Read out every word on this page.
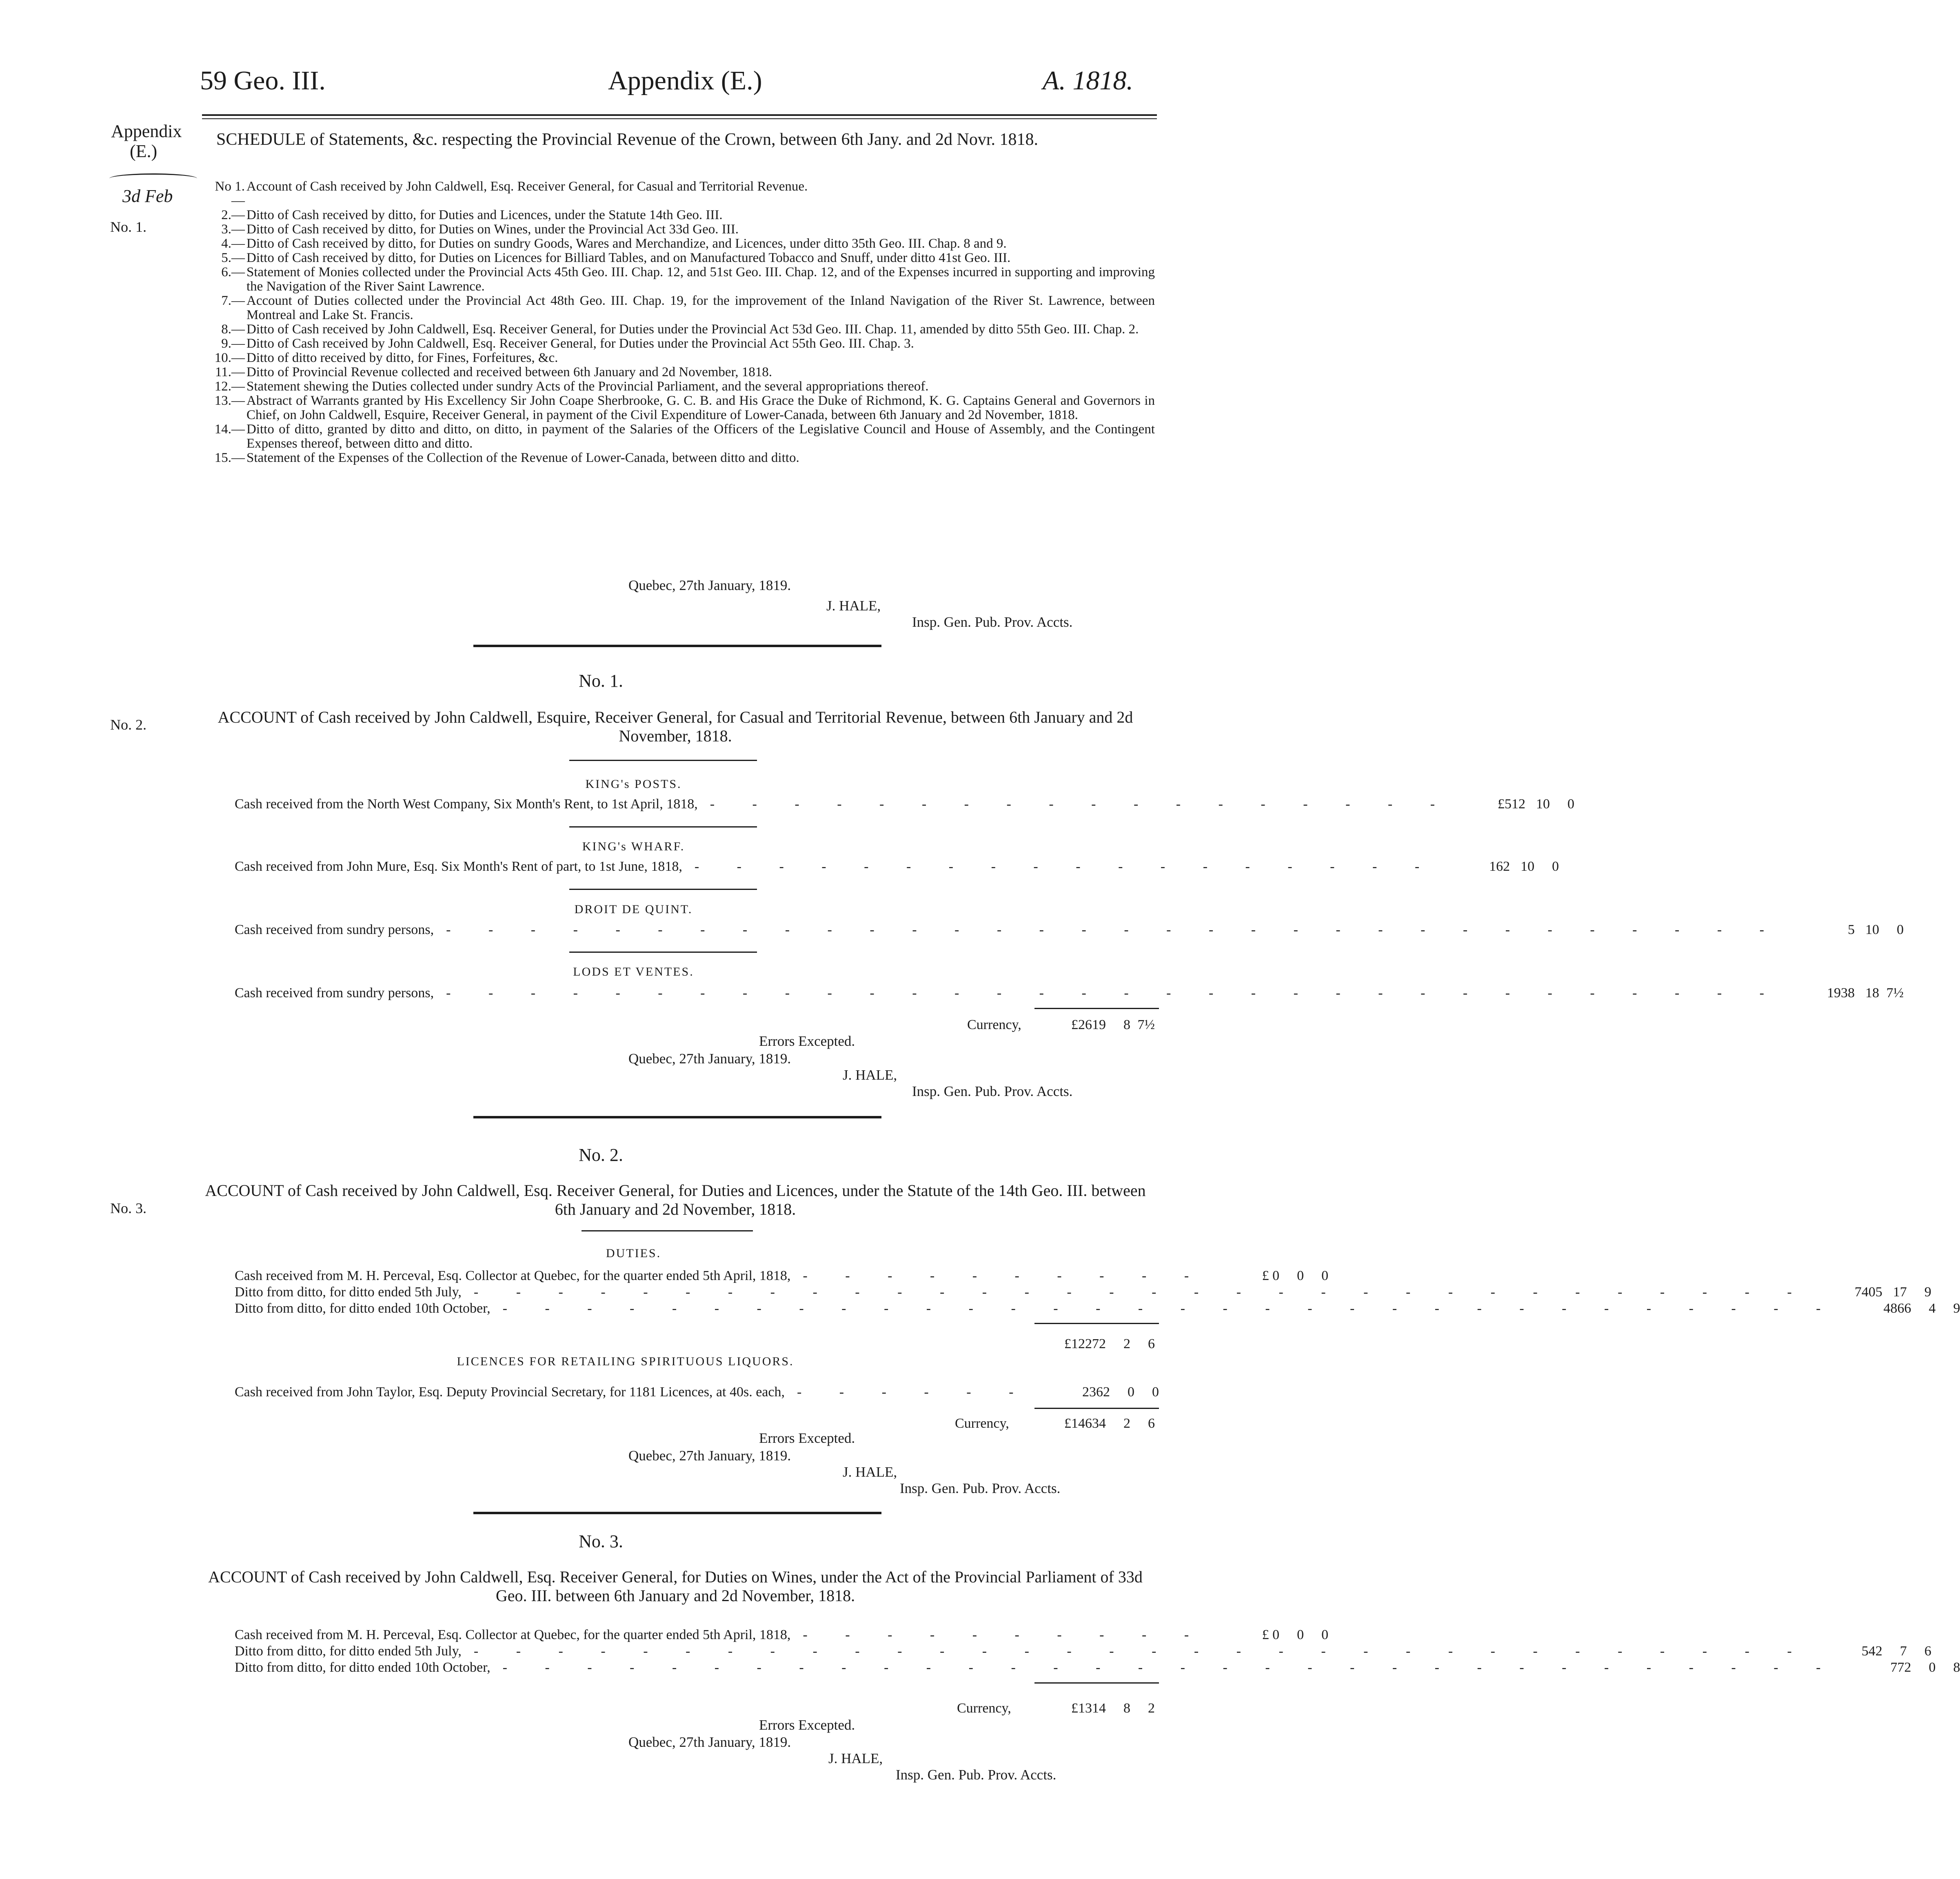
59 Geo. III.	Appendix (E.)	A. 1818.
Appendix
(E.)
3d Feb
No. 1.
No. 2.
No. 3.
SCHEDULE of Statements, &c. respecting the Provincial Revenue of the Crown, between 6th Jany. and 2d Novr. 1818.
No 1.—
Account of Cash received by John Caldwell, Esq. Receiver General, for Casual and Territorial Revenue.
2.— Ditto of Cash received by ditto, for Duties and Licences, under the Statute 14th Geo. III.
3.— Ditto of Cash received by ditto, for Duties on Wines, under the Provincial Act 33d Geo. III.
4.— Ditto of Cash received by ditto, for Duties on sundry Goods, Wares and Merchandize, and Licences, under ditto 35th Geo. III. Chap. 8 and 9.
5.— Ditto of Cash received by ditto, for Duties on Licences for Billiard Tables, and on Manufactured Tobacco and Snuff, under ditto 41st Geo. III.
6.— Statement of Monies collected under the Provincial Acts 45th Geo. III. Chap. 12, and 51st Geo. III. Chap. 12, and of the Expenses incurred in supporting and improving the Navigation of the River Saint Lawrence.
7.— Account of Duties collected under the Provincial Act 48th Geo. III. Chap. 19, for the improvement of the Inland Navigation of the River St. Lawrence, between Montreal and Lake St. Francis.
8.— Ditto of Cash received by John Caldwell, Esq. Receiver General, for Duties under the Provincial Act 53d Geo. III. Chap. 11, amended by ditto 55th Geo. III. Chap. 2.
9.— Ditto of Cash received by John Caldwell, Esq. Receiver General, for Duties under the Provincial Act 55th Geo. III. Chap. 3.
10.— Ditto of ditto received by ditto, for Fines, Forfeitures, &c.
11.— Ditto of Provincial Revenue collected and received between 6th January and 2d November, 1818.
12.— Statement shewing the Duties collected under sundry Acts of the Provincial Parliament, and the several appropriations thereof.
13.— Abstract of Warrants granted by His Excellency Sir John Coape Sherbrooke, G. C. B. and His Grace the Duke of Richmond, K. G. Captains General and Governors in Chief, on John Caldwell, Esquire, Receiver General, in payment of the Civil Expenditure of Lower-Canada, between 6th January and 2d November, 1818.
14.— Ditto of ditto, granted by ditto and ditto, on ditto, in payment of the Salaries of the Officers of the Legislative Council and House of Assembly, and the Contingent Expenses thereof, between ditto and ditto.
15.— Statement of the Expenses of the Collection of the Revenue of Lower-Canada, between ditto and ditto.
Quebec, 27th January, 1819.
J. HALE,
Insp. Gen. Pub. Prov. Accts.
No. 1.
ACCOUNT of Cash received by John Caldwell, Esquire, Receiver General, for Casual and Territorial Revenue, between 6th January and 2d November, 1818.
KING's POSTS.
Cash received from the North West Company, Six Month's Rent, to 1st April, 1818, - - - - - - - - - - - - - - - - - -	£512 10	0
KING's WHARF.
Cash received from John Mure, Esq. Six Month's Rent of part, to 1st June, 1818, - - - - - - - - - - - - - - - - - -	162 10	0
DROIT DE QUINT.
Cash received from sundry persons, - - - - - - - - - - - - - - - - - - - - - - - - - - - - - - - -	5 10	0
LODS ET VENTES.
Cash received from sundry persons, - - - - - - - - - - - - - - - - - - - - - - - - - - - - - - - -	1938 18 7½
Currency,	£2619	8 7½
Errors Excepted.
Quebec, 27th January, 1819.
J. HALE,
Insp. Gen. Pub. Prov. Accts.
No. 2.
ACCOUNT of Cash received by John Caldwell, Esq. Receiver General, for Duties and Licences, under the Statute of the 14th Geo. III. between 6th January and 2d November, 1818.
DUTIES.
Cash received from M. H. Perceval, Esq. Collector at Quebec, for the quarter ended 5th April, 1818, - - - - - - - - - -	£ 0	0	0
Ditto from ditto, for ditto ended 5th July, - - - - - - - - - - - - - - - - - - - - - - - - - - - - - - - -	7405 17	9
Ditto from ditto, for ditto ended 10th October, - - - - - - - - - - - - - - - - - - - - - - - - - - - - - - - -	4866	4	9
£12272	2	6
LICENCES FOR RETAILING SPIRITUOUS LIQUORS.
Cash received from John Taylor, Esq. Deputy Provincial Secretary, for 1181 Licences, at 40s. each, - - - - - -	2362	0	0
Currency,	£14634	2	6
Errors Excepted.
Quebec, 27th January, 1819.
J. HALE,
Insp. Gen. Pub. Prov. Accts.
No. 3.
ACCOUNT of Cash received by John Caldwell, Esq. Receiver General, for Duties on Wines, under the Act of the Provincial Parliament of 33d Geo. III. between 6th January and 2d November, 1818.
Cash received from M. H. Perceval, Esq. Collector at Quebec, for the quarter ended 5th April, 1818, - - - - - - - - - -	£ 0	0	0
Ditto from ditto, for ditto ended 5th July, - - - - - - - - - - - - - - - - - - - - - - - - - - - - - - - -	542	7	6
Ditto from ditto, for ditto ended 10th October, - - - - - - - - - - - - - - - - - - - - - - - - - - - - - - - -	772	0	8
Currency,	£1314	8	2
Errors Excepted.
Quebec, 27th January, 1819.
J. HALE,
Insp. Gen. Pub. Prov. Accts.
